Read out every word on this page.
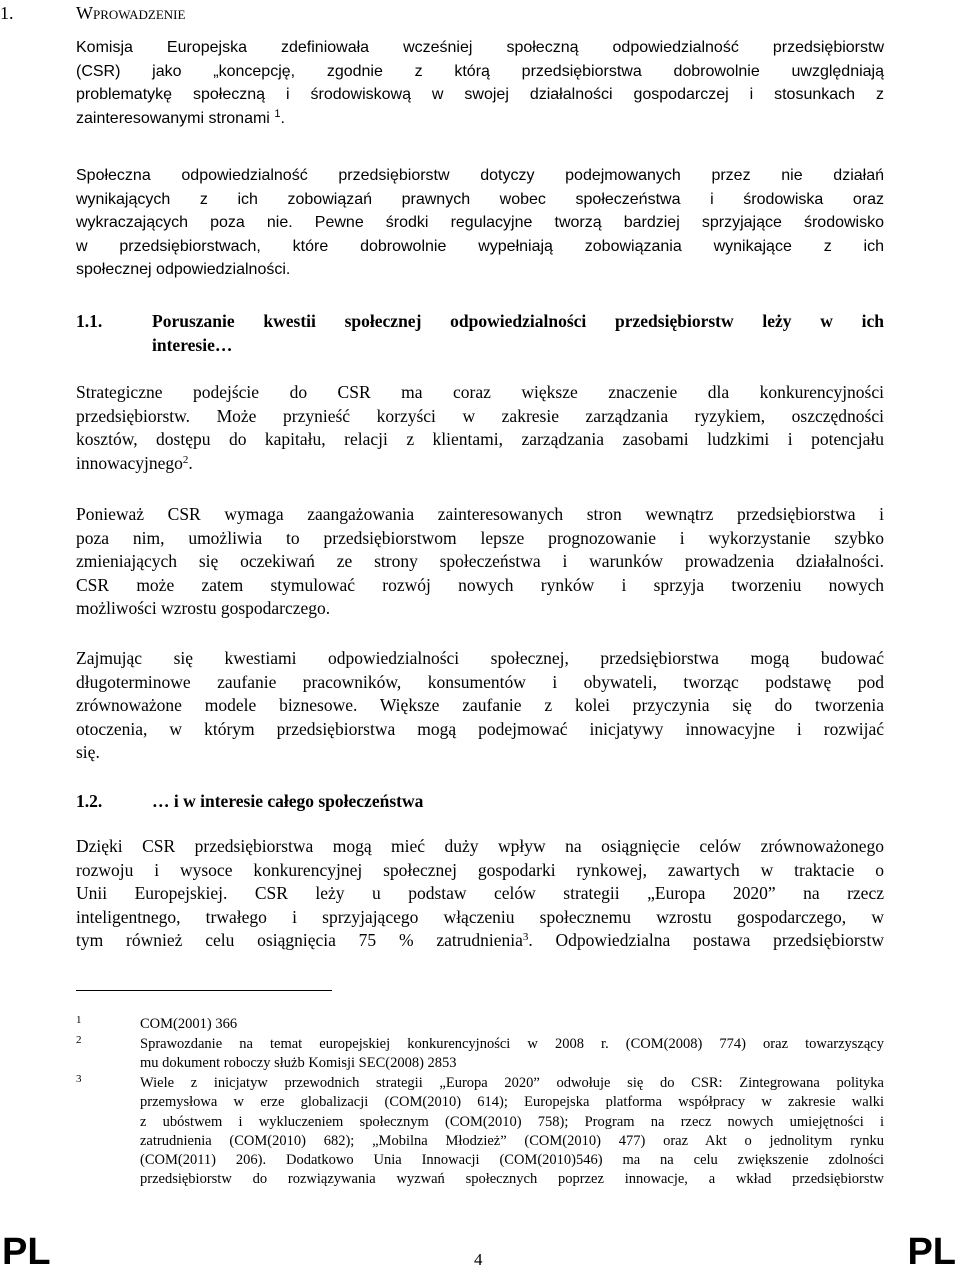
1.	Wprowadzenie
Komisja Europejska zdefiniowała wcześniej społeczną odpowiedzialność przedsiębiorstw
(CSR) jako „koncepcję, zgodnie z którą przedsiębiorstwa dobrowolnie uwzględniają
problematykę społeczną i środowiskową w swojej działalności gospodarczej i stosunkach z
zainteresowanymi stronami $^1$.
Społeczna odpowiedzialność przedsiębiorstw dotyczy podejmowanych przez nie działań
wynikających z ich zobowiązań prawnych wobec społeczeństwa i środowiska oraz
wykraczających poza nie. Pewne środki regulacyjne tworzą bardziej sprzyjające środowisko
w przedsiębiorstwach, które dobrowolnie wypełniają zobowiązania wynikające z ich
społecznej odpowiedzialności.
1.1.	Poruszanie kwestii społecznej odpowiedzialności przedsiębiorstw leży w ich
interesie…
Strategiczne podejście do CSR ma coraz większe znaczenie dla konkurencyjności
przedsiębiorstw. Może przynieść korzyści w zakresie zarządzania ryzykiem, oszczędności
kosztów, dostępu do kapitału, relacji z klientami, zarządzania zasobami ludzkimi i potencjału
innowacyjnego$^2$.
Ponieważ CSR wymaga zaangażowania zainteresowanych stron wewnątrz przedsiębiorstwa i
poza nim, umożliwia to przedsiębiorstwom lepsze prognozowanie i wykorzystanie szybko
zmieniających się oczekiwań ze strony społeczeństwa i warunków prowadzenia działalności.
CSR może zatem stymulować rozwój nowych rynków i sprzyja tworzeniu nowych
możliwości wzrostu gospodarczego.
Zajmując się kwestiami odpowiedzialności społecznej, przedsiębiorstwa mogą budować
długoterminowe zaufanie pracowników, konsumentów i obywateli, tworząc podstawę pod
zrównoważone modele biznesowe. Większe zaufanie z kolei przyczynia się do tworzenia
otoczenia, w którym przedsiębiorstwa mogą podejmować inicjatywy innowacyjne i rozwijać
się.
1.2.	… i w interesie całego społeczeństwa
Dzięki CSR przedsiębiorstwa mogą mieć duży wpływ na osiągnięcie celów zrównoważonego
rozwoju i wysoce konkurencyjnej społecznej gospodarki rynkowej, zawartych w traktacie o
Unii Europejskiej. CSR leży u podstaw celów strategii „Europa 2020” na rzecz
inteligentnego, trwałego i sprzyjającego włączeniu społecznemu wzrostu gospodarczego, w
tym również celu osiągnięcia 75 % zatrudnienia$^3$. Odpowiedzialna postawa przedsiębiorstw
1	COM(2001) 366
2	Sprawozdanie na temat europejskiej konkurencyjności w 2008 r. (COM(2008) 774) oraz towarzyszący
mu dokument roboczy służb Komisji SEC(2008) 2853
3	Wiele z inicjatyw przewodnich strategii „Europa 2020” odwołuje się do CSR: Zintegrowana polityka
przemysłowa w erze globalizacji (COM(2010) 614); Europejska platforma współpracy w zakresie walki
z ubóstwem i wykluczeniem społecznym (COM(2010) 758); Program na rzecz nowych umiejętności i
zatrudnienia (COM(2010) 682); „Mobilna Młodzież” (COM(2010) 477) oraz Akt o jednolitym rynku
(COM(2011) 206). Dodatkowo Unia Innowacji (COM(2010)546) ma na celu zwiększenie zdolności
przedsiębiorstw do rozwiązywania wyzwań społecznych poprzez innowacje, a wkład przedsiębiorstw
PL	4	PL
